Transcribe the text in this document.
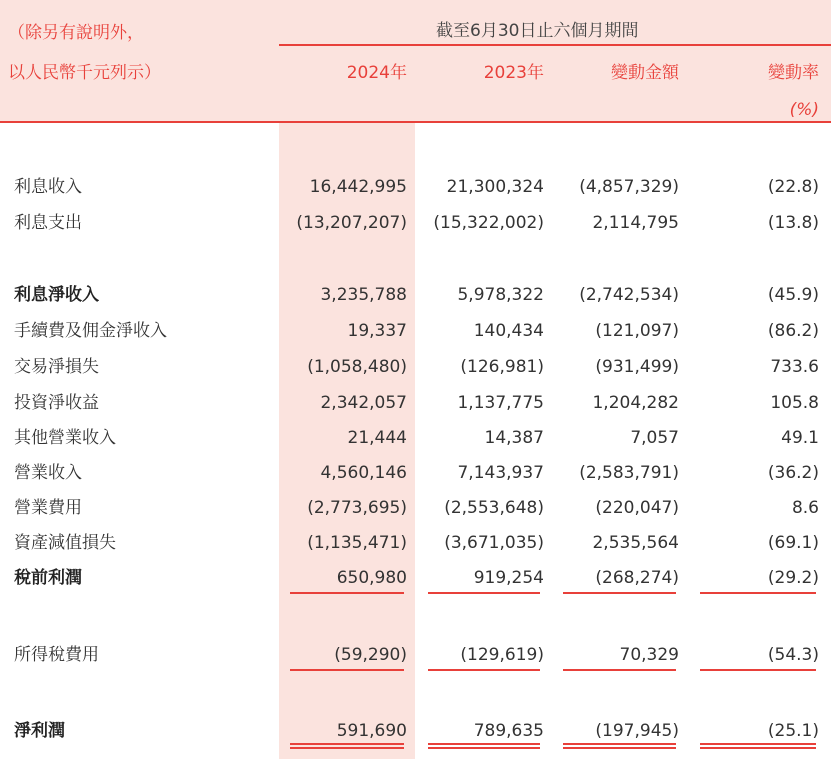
（除另有說明外，
以人民幣千元列示）
截至6月30日止六個月期間
2024年	2023年	變動金額	變動率
(%)
利息收入	16,442,995 21,300,324 (4,857,329)	(22.8)
利息支出	(13,207,207) (15,322,002)	2,114,795	(13.8)
利息淨收入	3,235,788	5,978,322 (2,742,534)	(45.9)
手續費及佣金淨收入	19,337	140,434	(121,097)	(86.2)
交易淨損失	(1,058,480)	(126,981)	(931,499)	733.6
投資淨收益	2,342,057	1,137,775	1,204,282	105.8
其他營業收入	21,444	14,387	7,057	49.1
營業收入	4,560,146	7,143,937 (2,583,791)	(36.2)
營業費用	(2,773,695) (2,553,648)	(220,047)	8.6
資產減值損失	(1,135,471) (3,671,035)	2,535,564	(69.1)
稅前利潤	650,980	919,254	(268,274)	(29.2)
所得稅費用	(59,290)	(129,619)	70,329	(54.3)
淨利潤	591,690	789,635	(197,945)	(25.1)
